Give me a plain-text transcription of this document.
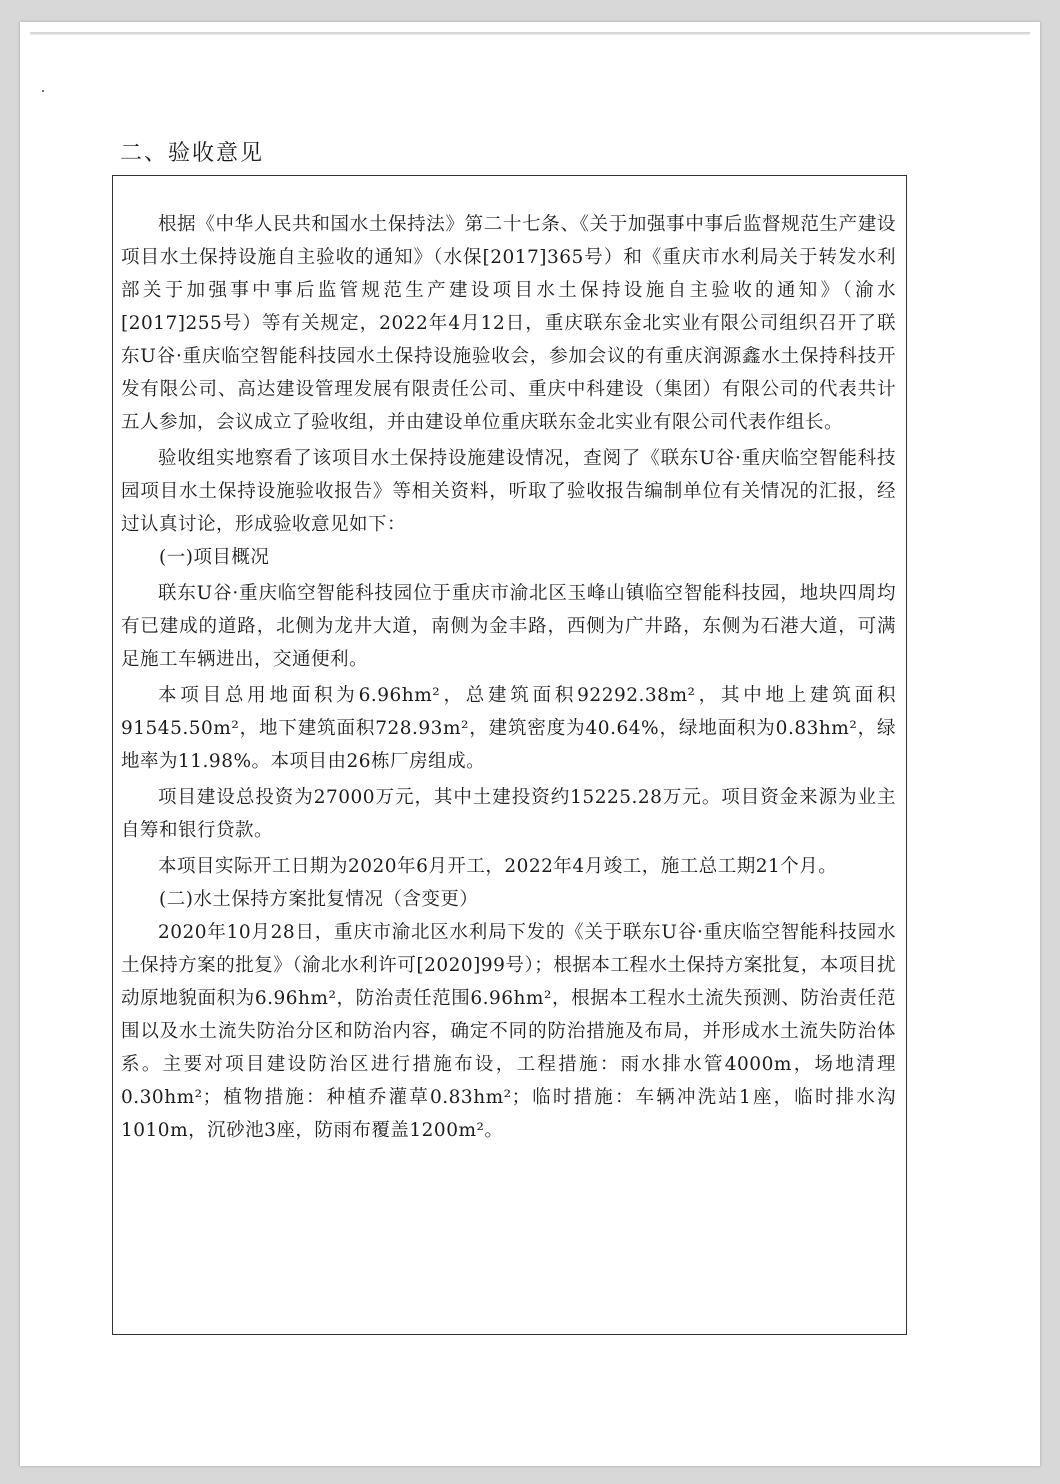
二、验收意见

根据《中华人民共和国水土保持法》第二十七条、《关于加强事中事后监督规范生产建设项目水土保持设施自主验收的通知》（水保[2017]365号）和《重庆市水利局关于转发水利部关于加强事中事后监管规范生产建设项目水土保持设施自主验收的通知》（渝水[2017]255号）等有关规定，2022年4月12日，重庆联东金北实业有限公司组织召开了联东U谷·重庆临空智能科技园水土保持设施验收会，参加会议的有重庆润源鑫水土保持科技开发有限公司、高达建设管理发展有限责任公司、重庆中科建设（集团）有限公司的代表共计五人参加，会议成立了验收组，并由建设单位重庆联东金北实业有限公司代表作组长。

验收组实地察看了该项目水土保持设施建设情况，查阅了《联东U谷·重庆临空智能科技园项目水土保持设施验收报告》等相关资料，听取了验收报告编制单位有关情况的汇报，经过认真讨论，形成验收意见如下：

(一)项目概况

联东U谷·重庆临空智能科技园位于重庆市渝北区玉峰山镇临空智能科技园，地块四周均有已建成的道路，北侧为龙井大道，南侧为金丰路，西侧为广井路，东侧为石港大道，可满足施工车辆进出，交通便利。

本项目总用地面积为6.96hm²，总建筑面积92292.38m²，其中地上建筑面积91545.50m²，地下建筑面积728.93m²，建筑密度为40.64%，绿地面积为0.83hm²，绿地率为11.98%。本项目由26栋厂房组成。

项目建设总投资为27000万元，其中土建投资约15225.28万元。项目资金来源为业主自筹和银行贷款。

本项目实际开工日期为2020年6月开工，2022年4月竣工，施工总工期21个月。

(二)水土保持方案批复情况（含变更）

2020年10月28日，重庆市渝北区水利局下发的《关于联东U谷·重庆临空智能科技园水土保持方案的批复》（渝北水利许可[2020]99号）；根据本工程水土保持方案批复，本项目扰动原地貌面积为6.96hm²，防治责任范围6.96hm²，根据本工程水土流失预测、防治责任范围以及水土流失防治分区和防治内容，确定不同的防治措施及布局，并形成水土流失防治体系。主要对项目建设防治区进行措施布设，工程措施：雨水排水管4000m，场地清理0.30hm²；植物措施：种植乔灌草0.83hm²；临时措施：车辆冲洗站1座，临时排水沟1010m，沉砂池3座，防雨布覆盖1200m²。
